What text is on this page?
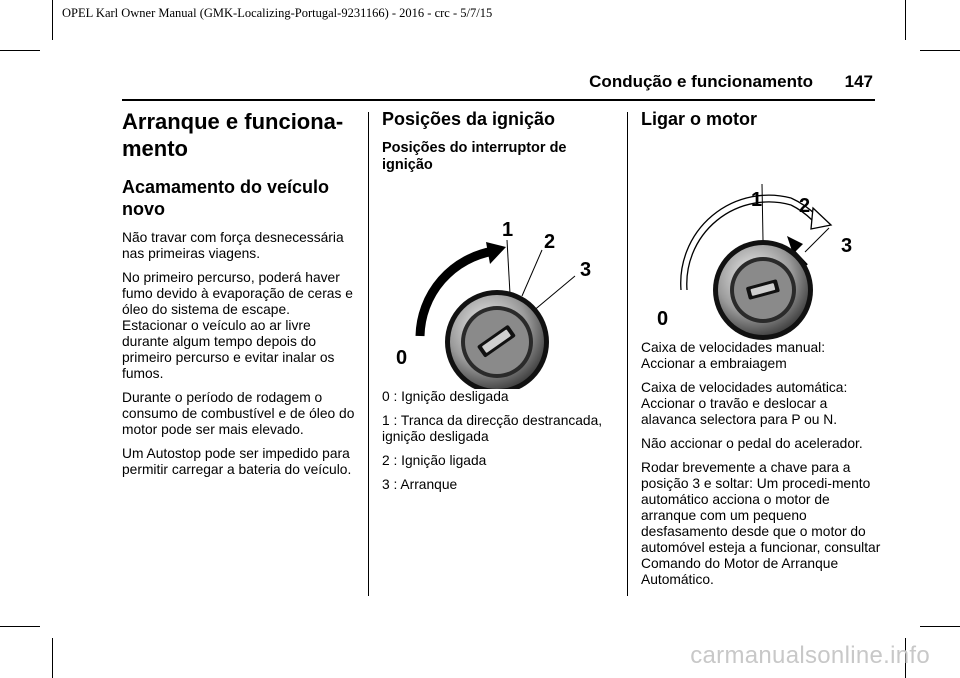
OPEL Karl Owner Manual (GMK-Localizing-Portugal-9231166) - 2016 - crc - 5/7/15
Condução e funcionamento 147
Arranque e funciona-mento
Acamamento do veículo novo

Não travar com força desnecessária nas primeiras viagens.

No primeiro percurso, poderá haver fumo devido à evaporação de ceras e óleo do sistema de escape. Estacionar o veículo ao ar livre durante algum tempo depois do primeiro percurso e evitar inalar os fumos.

Durante o período de rodagem o consumo de combustível e de óleo do motor pode ser mais elevado.

Um Autostop pode ser impedido para permitir carregar a bateria do veículo.

Posições da ignição
Posições do interruptor de ignição
0
1
2
3

0 : Ignição desligada

1 : Tranca da direcção destrancada, ignição desligada

2 : Ignição ligada

3 : Arranque

Ligar o motor
0
1 2
3

Caixa de velocidades manual: Accionar a embraiagem

Caixa de velocidades automática: Accionar o travão e deslocar a alavanca selectora para P ou N.

Não accionar o pedal do acelerador.

Rodar brevemente a chave para a posição 3 e soltar: Um procedi-mento automático acciona o motor de arranque com um pequeno desfasamento desde que o motor do automóvel esteja a funcionar, consultar Comando do Motor de Arranque Automático.

carmanualsonline.info
